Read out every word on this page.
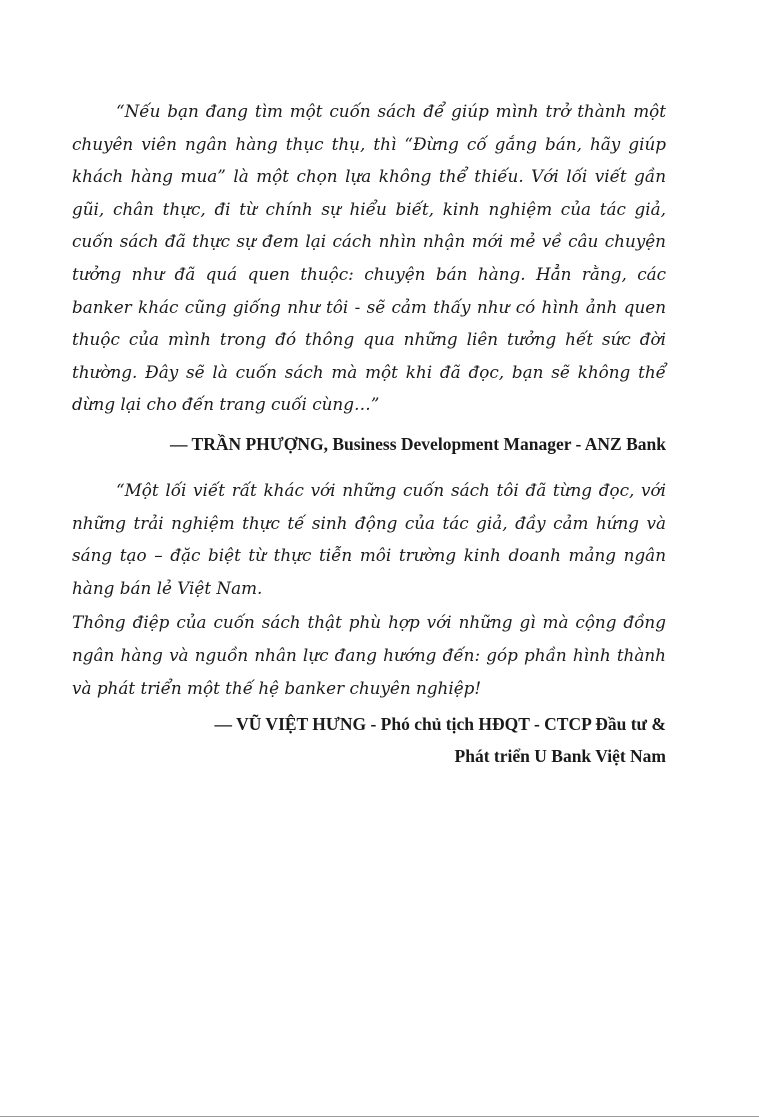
“Nếu bạn đang tìm một cuốn sách để giúp mình trở thành một chuyên viên ngân hàng thục thụ, thì “Đừng cố gắng bán, hãy giúp khách hàng mua” là một chọn lựa không thể thiếu. Với lối viết gần gũi, chân thực, đi từ chính sự hiểu biết, kinh nghiệm của tác giả, cuốn sách đã thực sự đem lại cách nhìn nhận mới mẻ về câu chuyện tưởng như đã quá quen thuộc: chuyện bán hàng. Hẳn rằng, các banker khác cũng giống như tôi - sẽ cảm thấy như có hình ảnh quen thuộc của mình trong đó thông qua những liên tưởng hết sức đời thường. Đây sẽ là cuốn sách mà một khi đã đọc, bạn sẽ không thể dừng lại cho đến trang cuối cùng…”

— TRẦN PHƯỢNG, Business Development Manager - ANZ Bank

“Một lối viết rất khác với những cuốn sách tôi đã từng đọc, với những trải nghiệm thực tế sinh động của tác giả, đầy cảm hứng và sáng tạo – đặc biệt từ thực tiễn môi trường kinh doanh mảng ngân hàng bán lẻ Việt Nam.

Thông điệp của cuốn sách thật phù hợp với những gì mà cộng đồng ngân hàng và nguồn nhân lực đang hướng đến: góp phần hình thành và phát triển một thế hệ banker chuyên nghiệp!

— VŨ VIỆT HƯNG - Phó chủ tịch HĐQT - CTCP Đầu tư &
Phát triển U Bank Việt Nam
